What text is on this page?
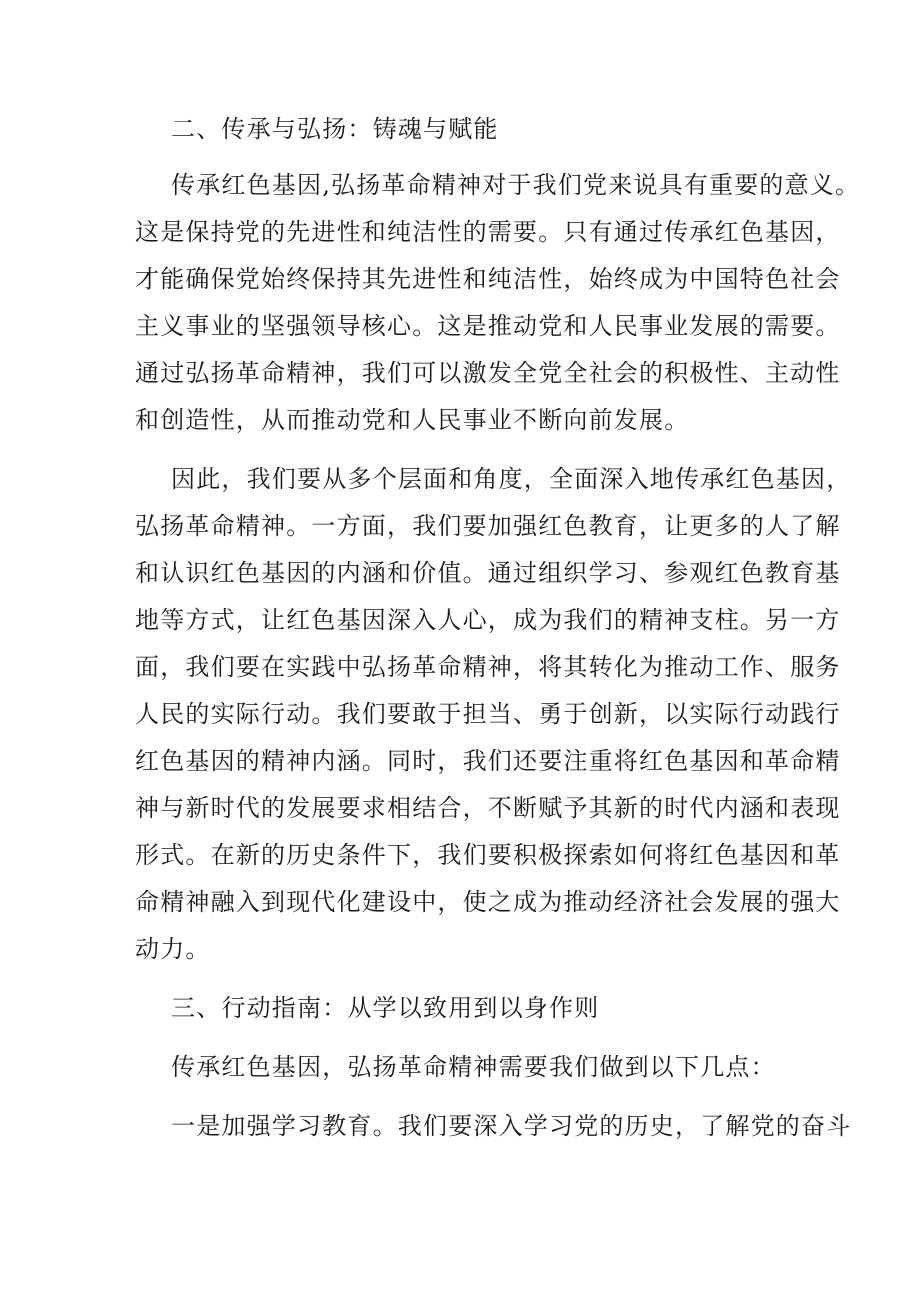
二、传承与弘扬：铸魂与赋能
传承红色基因,弘扬革命精神对于我们党来说具有重要的意义。
这是保持党的先进性和纯洁性的需要。只有通过传承红色基因，
才能确保党始终保持其先进性和纯洁性，始终成为中国特色社会
主义事业的坚强领导核心。这是推动党和人民事业发展的需要。
通过弘扬革命精神，我们可以激发全党全社会的积极性、主动性
和创造性，从而推动党和人民事业不断向前发展。
因此，我们要从多个层面和角度，全面深入地传承红色基因，
弘扬革命精神。一方面，我们要加强红色教育，让更多的人了解
和认识红色基因的内涵和价值。通过组织学习、参观红色教育基
地等方式，让红色基因深入人心，成为我们的精神支柱。另一方
面，我们要在实践中弘扬革命精神，将其转化为推动工作、服务
人民的实际行动。我们要敢于担当、勇于创新，以实际行动践行
红色基因的精神内涵。同时，我们还要注重将红色基因和革命精
神与新时代的发展要求相结合，不断赋予其新的时代内涵和表现
形式。在新的历史条件下，我们要积极探索如何将红色基因和革
命精神融入到现代化建设中，使之成为推动经济社会发展的强大
动力。
三、行动指南：从学以致用到以身作则
传承红色基因，弘扬革命精神需要我们做到以下几点：
一是加强学习教育。我们要深入学习党的历史，了解党的奋斗
